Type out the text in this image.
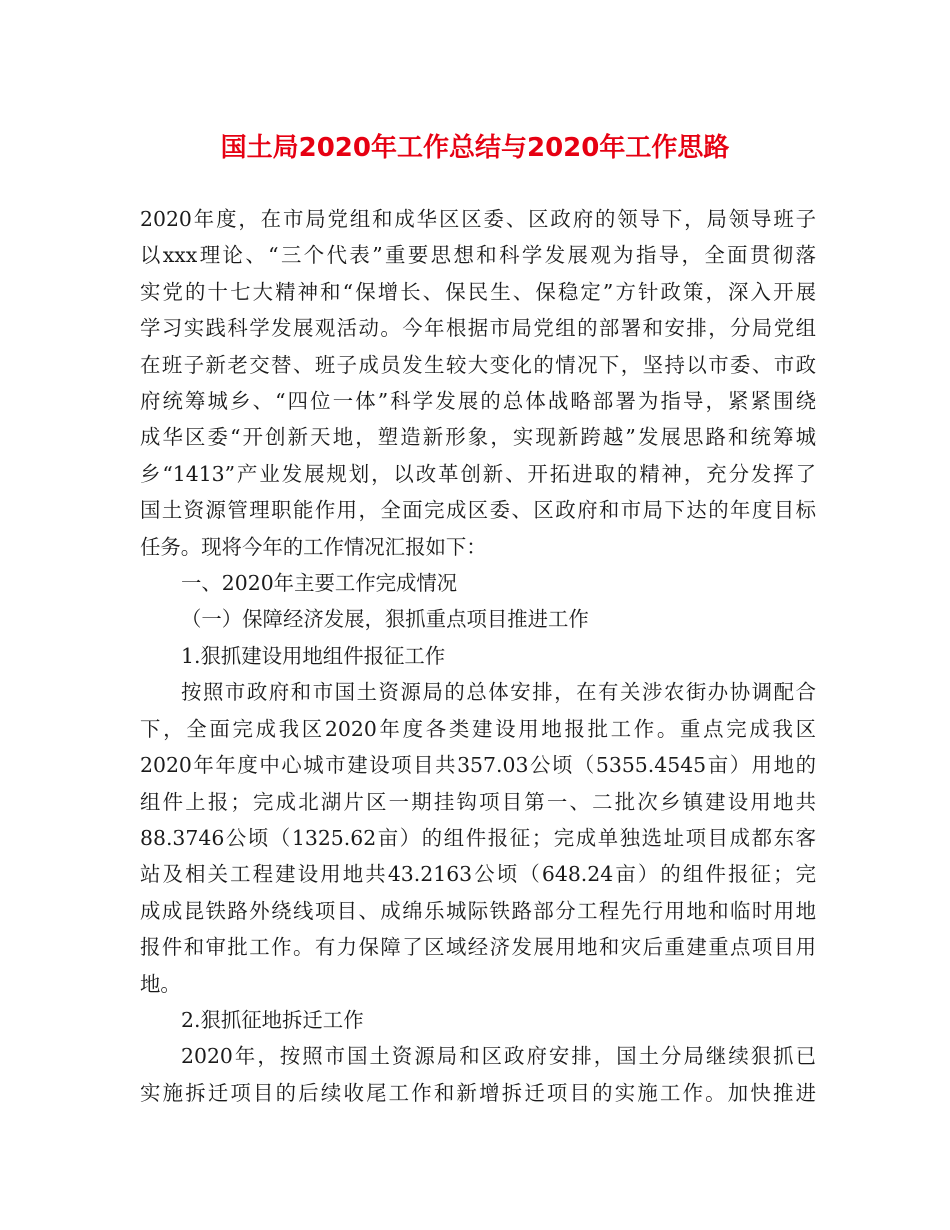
国土局2020年工作总结与2020年工作思路
2020年度，在市局党组和成华区区委、区政府的领导下，局领导班子
以xxx理论、“三个代表”重要思想和科学发展观为指导，全面贯彻落
实党的十七大精神和“保增长、保民生、保稳定”方针政策，深入开展
学习实践科学发展观活动。今年根据市局党组的部署和安排，分局党组
在班子新老交替、班子成员发生较大变化的情况下，坚持以市委、市政
府统筹城乡、“四位一体”科学发展的总体战略部署为指导，紧紧围绕
成华区委“开创新天地，塑造新形象，实现新跨越”发展思路和统筹城
乡“1413”产业发展规划，以改革创新、开拓进取的精神，充分发挥了
国土资源管理职能作用，全面完成区委、区政府和市局下达的年度目标
任务。现将今年的工作情况汇报如下：
一、2020年主要工作完成情况
（一）保障经济发展，狠抓重点项目推进工作
1.狠抓建设用地组件报征工作
按照市政府和市国土资源局的总体安排，在有关涉农街办协调配合
下，全面完成我区2020年度各类建设用地报批工作。重点完成我区
2020年年度中心城市建设项目共357.03公顷（5355.4545亩）用地的
组件上报；完成北湖片区一期挂钩项目第一、二批次乡镇建设用地共
88.3746公顷（1325.62亩）的组件报征；完成单独选址项目成都东客
站及相关工程建设用地共43.2163公顷（648.24亩）的组件报征；完
成成昆铁路外绕线项目、成绵乐城际铁路部分工程先行用地和临时用地
报件和审批工作。有力保障了区域经济发展用地和灾后重建重点项目用
地。
2.狠抓征地拆迁工作
2020年，按照市国土资源局和区政府安排，国土分局继续狠抓已
实施拆迁项目的后续收尾工作和新增拆迁项目的实施工作。加快推进
